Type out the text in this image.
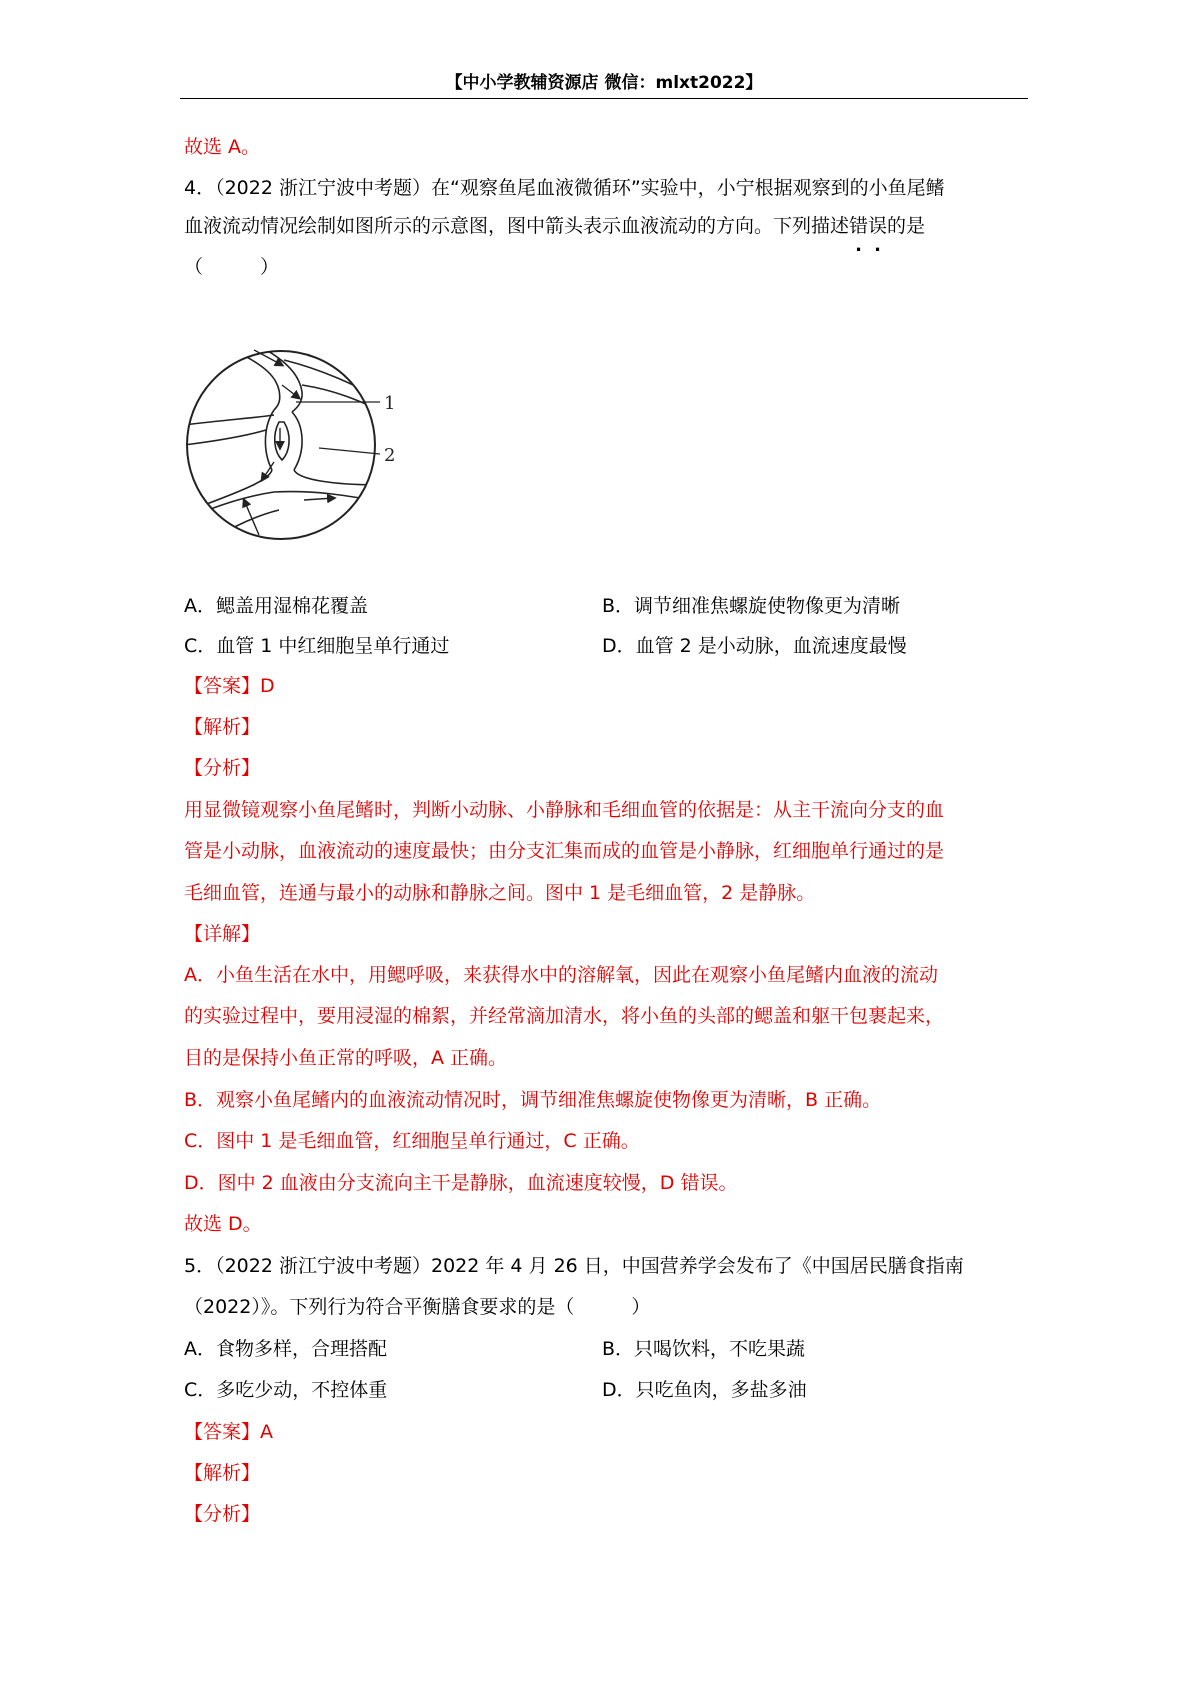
【中小学教辅资源店 微信：mlxt2022】
故选 A。
4．（2022 浙江宁波中考题）在“观察鱼尾血液微循环”实验中，小宁根据观察到的小鱼尾鳍
血液流动情况绘制如图所示的示意图，图中箭头表示血液流动的方向。下列描述错误的是
（　　　）
1
2
A．鳃盖用湿棉花覆盖	B．调节细准焦螺旋使物像更为清晰
C．血管 1 中红细胞呈单行通过	D．血管 2 是小动脉，血流速度最慢
【答案】D
【解析】
【分析】
用显微镜观察小鱼尾鳍时，判断小动脉、小静脉和毛细血管的依据是：从主干流向分支的血
管是小动脉，血液流动的速度最快；由分支汇集而成的血管是小静脉，红细胞单行通过的是
毛细血管，连通与最小的动脉和静脉之间。图中 1 是毛细血管，2 是静脉。
【详解】
A．小鱼生活在水中，用鳃呼吸，来获得水中的溶解氧，因此在观察小鱼尾鳍内血液的流动
的实验过程中，要用浸湿的棉絮，并经常滴加清水，将小鱼的头部的鳃盖和躯干包裹起来，
目的是保持小鱼正常的呼吸，A 正确。
B．观察小鱼尾鳍内的血液流动情况时，调节细准焦螺旋使物像更为清晰，B 正确。
C．图中 1 是毛细血管，红细胞呈单行通过，C 正确。
D．图中 2 血液由分支流向主干是静脉，血流速度较慢，D 错误。
故选 D。
5．（2022 浙江宁波中考题）2022 年 4 月 26 日，中国营养学会发布了《中国居民膳食指南
（2022）》。下列行为符合平衡膳食要求的是（　　　）
A．食物多样，合理搭配	B．只喝饮料，不吃果蔬
C．多吃少动，不控体重	D．只吃鱼肉，多盐多油
【答案】A
【解析】
【分析】
